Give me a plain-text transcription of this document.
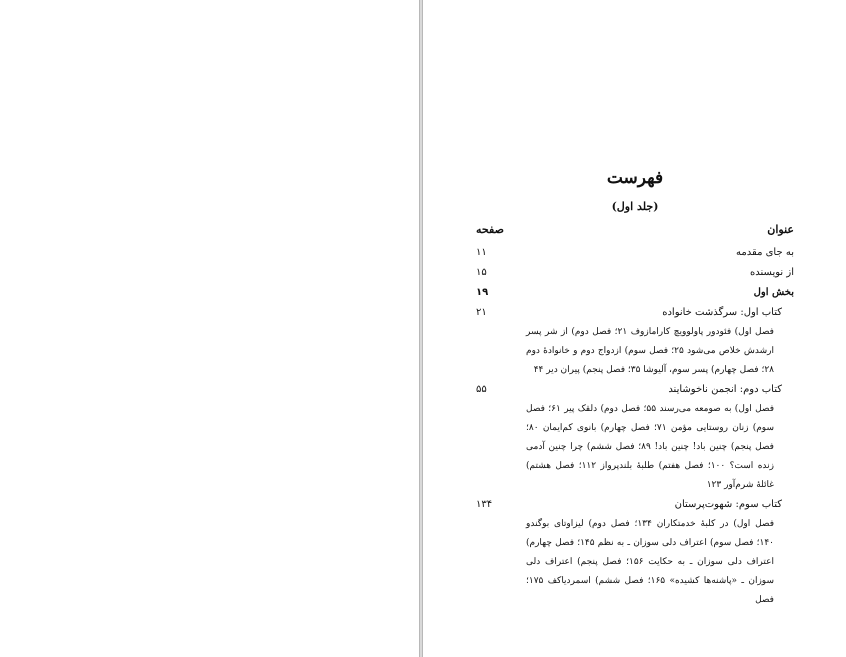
فهرست
(جلد اول)
عنوان
صفحه
به جای مقدمه
۱۱
از نویسنده
۱۵
بخش اول
۱۹
کتاب اول: سرگذشت خانواده
۲۱

فصل اول) فئودور پاولوویچ کارامازوف ۲۱؛ فصل دوم) از شر پسر ارشدش خلاص می‌شود ۲۵؛ فصل سوم) ازدواج دوم و خانوادهٔ دوم ۲۸؛ فصل چهارم) پسر سوم، آلیوشا ۳۵؛ فصل پنجم) پیران دیر ۴۴

کتاب دوم: انجمن ناخوشایند
۵۵

فصل اول) به صومعه می‌رسند ۵۵؛ فصل دوم) دلقک پیر ۶۱؛ فصل سوم) زنان روستایی مؤمن ۷۱؛ فصل چهارم) بانوی کم‌ایمان ۸۰؛ فصل پنجم) چنین باد! چنین باد! ۸۹؛ فصل ششم) چرا چنین آدمی زنده است؟ ۱۰۰؛ فصل هفتم) طلبهٔ بلندپرواز ۱۱۲؛ فصل هشتم) غائلهٔ شرم‌آور ۱۲۳

کتاب سوم: شهوت‌پرستان
۱۳۴

فصل اول) در کلبهٔ خدمتکاران ۱۳۴؛ فصل دوم) لیزاوتای بوگندو ۱۴۰؛ فصل سوم) اعتراف دلی سوزان ـ به نظم ۱۴۵؛ فصل چهارم) اعتراف دلی سوزان ـ به حکایت ۱۵۶؛ فصل پنجم) اعتراف دلی سوزان ـ «پاشنه‌ها کشیده» ۱۶۵؛ فصل ششم) اسمردیاکف ۱۷۵؛ فصل
